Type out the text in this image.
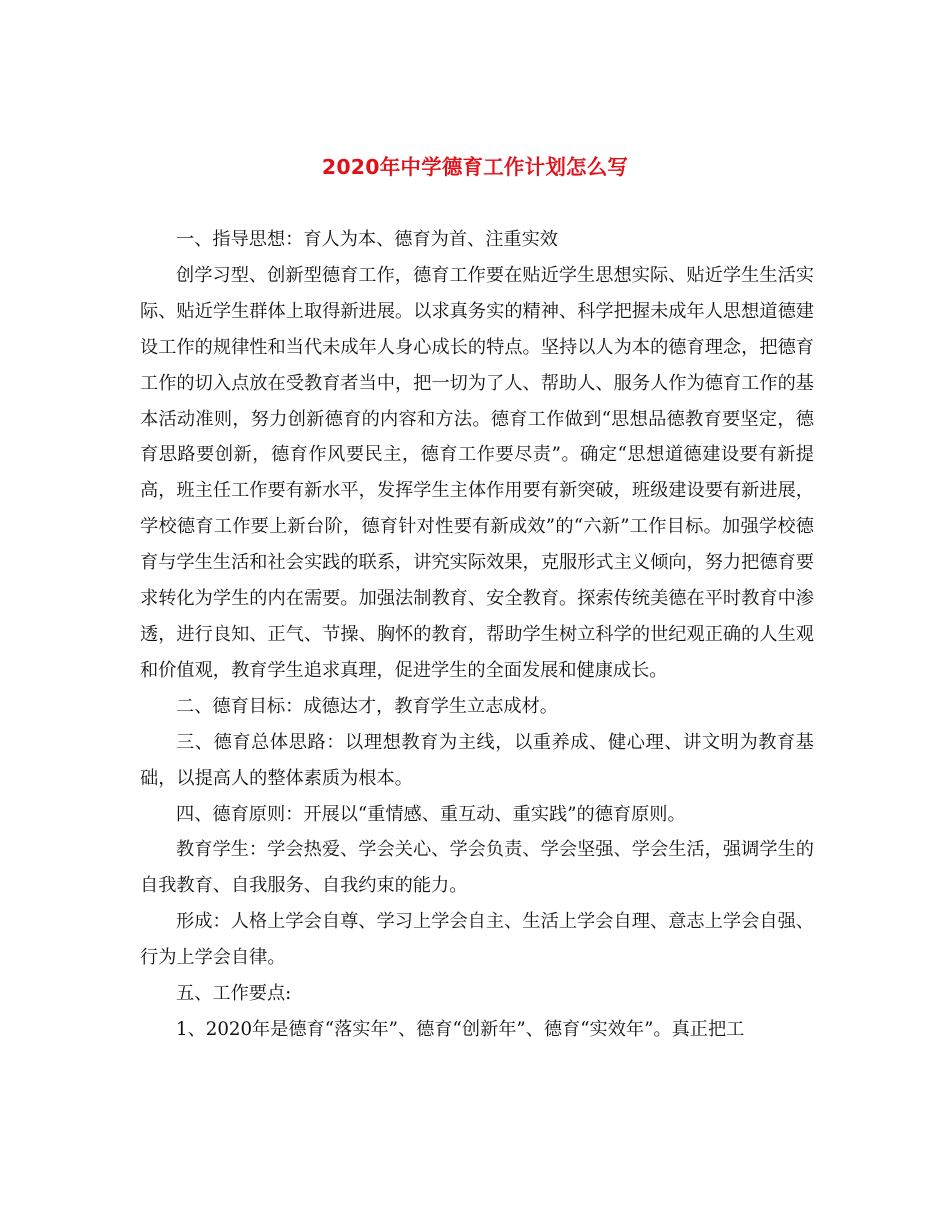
2020年中学德育工作计划怎么写

一、指导思想：育人为本、德育为首、注重实效

创学习型、创新型德育工作，德育工作要在贴近学生思想实际、贴近学生生活实际、贴近学生群体上取得新进展。以求真务实的精神、科学把握未成年人思想道德建设工作的规律性和当代未成年人身心成长的特点。坚持以人为本的德育理念，把德育工作的切入点放在受教育者当中，把一切为了人、帮助人、服务人作为德育工作的基本活动准则，努力创新德育的内容和方法。德育工作做到“思想品德教育要坚定，德育思路要创新，德育作风要民主，德育工作要尽责”。确定“思想道德建设要有新提高，班主任工作要有新水平，发挥学生主体作用要有新突破，班级建设要有新进展，学校德育工作要上新台阶，德育针对性要有新成效”的“六新”工作目标。加强学校德育与学生生活和社会实践的联系，讲究实际效果，克服形式主义倾向，努力把德育要求转化为学生的内在需要。加强法制教育、安全教育。探索传统美德在平时教育中渗透，进行良知、正气、节操、胸怀的教育，帮助学生树立科学的世纪观正确的人生观和价值观，教育学生追求真理，促进学生的全面发展和健康成长。

二、德育目标：成德达才，教育学生立志成材。

三、德育总体思路：以理想教育为主线，以重养成、健心理、讲文明为教育基础，以提高人的整体素质为根本。

四、德育原则：开展以“重情感、重互动、重实践”的德育原则。

教育学生：学会热爱、学会关心、学会负责、学会坚强、学会生活，强调学生的自我教育、自我服务、自我约束的能力。

形成：人格上学会自尊、学习上学会自主、生活上学会自理、意志上学会自强、行为上学会自律。

五、工作要点:

1、2020年是德育“落实年”、德育“创新年”、德育“实效年”。真正把工
